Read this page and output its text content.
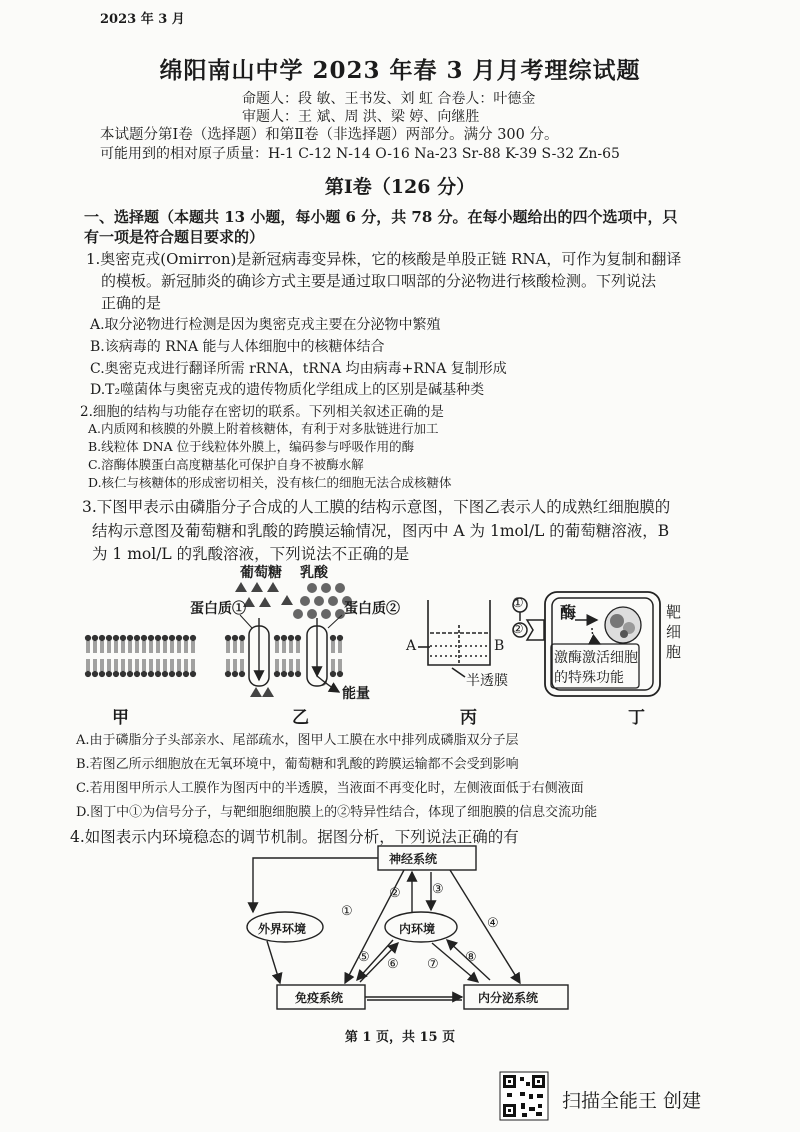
2023 年 3 月
绵阳南山中学 2023 年春 3 月月考理综试题
命题人：段 敏、王书发、刘 虹 合卷人：叶德金
审题人：王 斌、周 洪、梁 婷、向继胜
本试题分第Ⅰ卷（选择题）和第Ⅱ卷（非选择题）两部分。满分 300 分。
可能用到的相对原子质量：H-1 C-12 N-14 O-16 Na-23 Sr-88 K-39 S-32 Zn-65
第Ⅰ卷（126 分）
一、选择题（本题共 13 小题，每小题 6 分，共 78 分。在每小题给出的四个选项中，只
有一项是符合题目要求的）
1.奥密克戎(Omirron)是新冠病毒变异株，它的核酸是单股正链 RNA，可作为复制和翻译
的模板。新冠肺炎的确诊方式主要是通过取口咽部的分泌物进行核酸检测。下列说法
正确的是
A.取分泌物进行检测是因为奥密克戎主要在分泌物中繁殖
B.该病毒的 RNA 能与人体细胞中的核糖体结合
C.奥密克戎进行翻译所需 rRNA，tRNA 均由病毒+RNA 复制形成
D.T₂噬菌体与奥密克戎的遗传物质化学组成上的区别是碱基种类
2.细胞的结构与功能存在密切的联系。下列相关叙述正确的是
A.内质网和核膜的外膜上附着核糖体，有利于对多肽链进行加工
B.线粒体 DNA 位于线粒体外膜上，编码参与呼吸作用的酶
C.溶酶体膜蛋白高度糖基化可保护自身不被酶水解
D.核仁与核糖体的形成密切相关，没有核仁的细胞无法合成核糖体
3.下图甲表示由磷脂分子合成的人工膜的结构示意图，下图乙表示人的成熟红细胞膜的
结构示意图及葡萄糖和乳酸的跨膜运输情况，图丙中 A 为 1mol/L 的葡萄糖溶液，B
为 1 mol/L 的乳酸溶液，下列说法不正确的是
葡萄糖 乳酸
蛋白质①	蛋白质②
能量
A	B
半透膜
①
②
酶	靶
细
胞
激酶激活细胞
的特殊功能
甲	乙	丙	丁
A.由于磷脂分子头部亲水、尾部疏水，图甲人工膜在水中排列成磷脂双分子层
B.若图乙所示细胞放在无氧环境中，葡萄糖和乳酸的跨膜运输都不会受到影响
C.若用图甲所示人工膜作为图丙中的半透膜，当液面不再变化时，左侧液面低于右侧液面
D.图丁中①为信号分子，与靶细胞细胞膜上的②特异性结合，体现了细胞膜的信息交流功能
4.如图表示内环境稳态的调节机制。据图分析，下列说法正确的有
神经系统
外界环境	内环境
免疫系统	内分泌系统
①
② ③
④
⑤ ⑥ ⑦ ⑧
第 1 页，共 15 页
扫描全能王 创建
